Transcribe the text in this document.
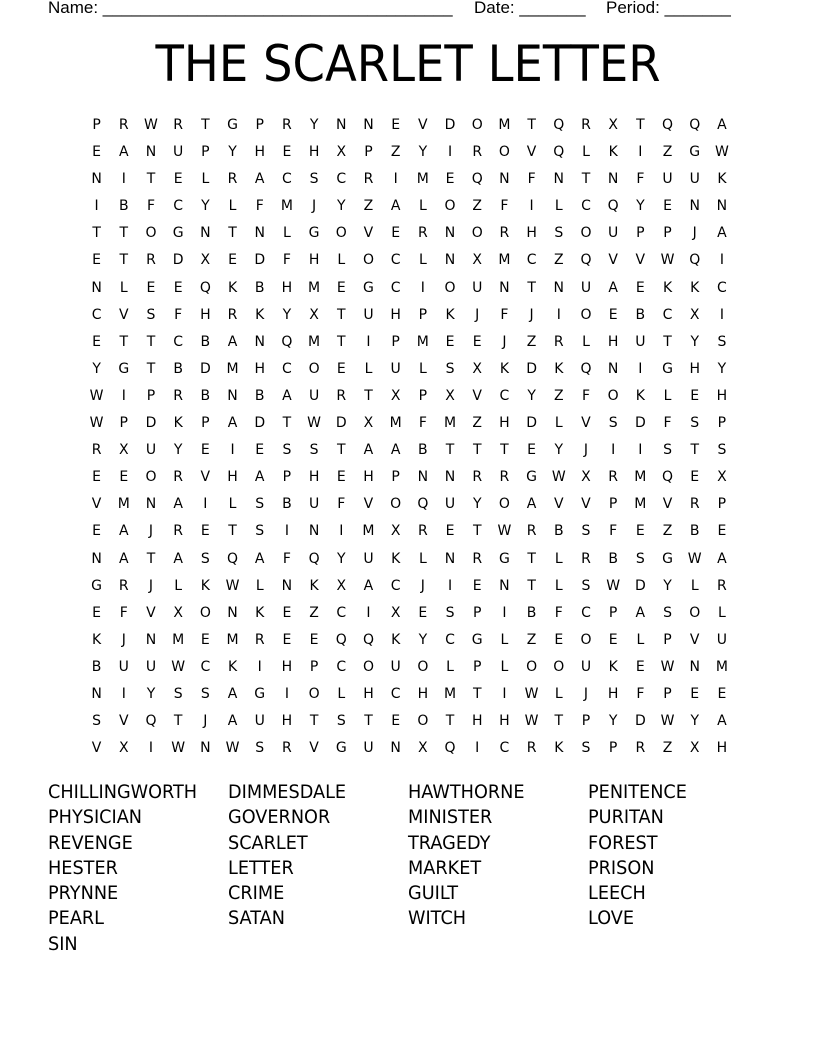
Name: _____________________________________ Date: _______ Period: _______
THE SCARLET LETTER
P	R	W	R	T	G	P	R	Y	N	N	E	V	D	O	M	T	Q	R	X	T	Q	Q	A
E	A	N	U	P	Y	H	E	H	X	P	Z	Y	I	R	O	V	Q	L	K	I	Z	G	W
N	I	T	E	L	R	A	C	S	C	R	I	M	E	Q	N	F	N	T	N	F	U	U	K
I	B	F	C	Y	L	F	M	J	Y	Z	A	L	O	Z	F	I	L	C	Q	Y	E	N	N
T	T	O	G	N	T	N	L	G	O	V	E	R	N	O	R	H	S	O	U	P	P	J	A
E	T	R	D	X	E	D	F	H	L	O	C	L	N	X	M	C	Z	Q	V	V	W	Q	I
N	L	E	E	Q	K	B	H	M	E	G	C	I	O	U	N	T	N	U	A	E	K	K	C
C	V	S	F	H	R	K	Y	X	T	U	H	P	K	J	F	J	I	O	E	B	C	X	I
E	T	T	C	B	A	N	Q	M	T	I	P	M	E	E	J	Z	R	L	H	U	T	Y	S
Y	G	T	B	D	M	H	C	O	E	L	U	L	S	X	K	D	K	Q	N	I	G	H	Y
W	I	P	R	B	N	B	A	U	R	T	X	P	X	V	C	Y	Z	F	O	K	L	E	H
W	P	D	K	P	A	D	T	W	D	X	M	F	M	Z	H	D	L	V	S	D	F	S	P
R	X	U	Y	E	I	E	S	S	T	A	A	B	T	T	T	E	Y	J	I	I	S	T	S
E	E	O	R	V	H	A	P	H	E	H	P	N	N	R	R	G	W	X	R	M	Q	E	X
V	M	N	A	I	L	S	B	U	F	V	O	Q	U	Y	O	A	V	V	P	M	V	R	P
E	A	J	R	E	T	S	I	N	I	M	X	R	E	T	W	R	B	S	F	E	Z	B	E
N	A	T	A	S	Q	A	F	Q	Y	U	K	L	N	R	G	T	L	R	B	S	G	W	A
G	R	J	L	K	W	L	N	K	X	A	C	J	I	E	N	T	L	S	W	D	Y	L	R
E	F	V	X	O	N	K	E	Z	C	I	X	E	S	P	I	B	F	C	P	A	S	O	L
K	J	N	M	E	M	R	E	E	Q	Q	K	Y	C	G	L	Z	E	O	E	L	P	V	U
B	U	U	W	C	K	I	H	P	C	O	U	O	L	P	L	O	O	U	K	E	W	N	M
N	I	Y	S	S	A	G	I	O	L	H	C	H	M	T	I	W	L	J	H	F	P	E	E
S	V	Q	T	J	A	U	H	T	S	T	E	O	T	H	H	W	T	P	Y	D	W	Y	A
V	X	I	W	N	W	S	R	V	G	U	N	X	Q	I	C	R	K	S	P	R	Z	X	H
CHILLINGWORTH
PHYSICIAN
REVENGE
HESTER
PRYNNE
PEARL
SIN
DIMMESDALE
GOVERNOR
SCARLET
LETTER
CRIME
SATAN
HAWTHORNE
MINISTER
TRAGEDY
MARKET
GUILT
WITCH
PENITENCE
PURITAN
FOREST
PRISON
LEECH
LOVE
